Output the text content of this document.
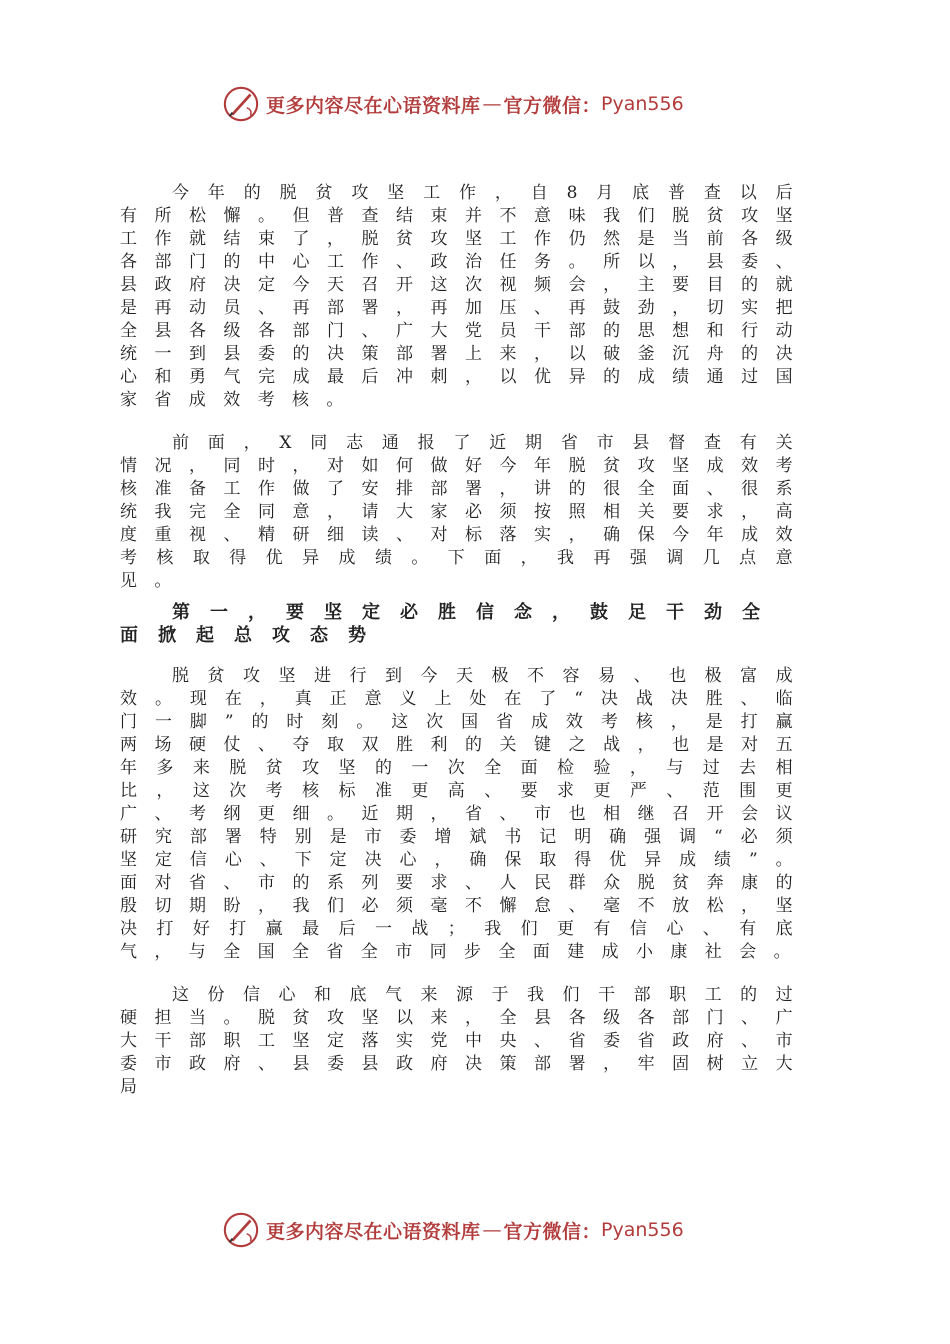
更多内容尽在心语资料库 — 官方微信： Pyan556

今年的脱贫攻坚工作，自8月底普查以后有所松懈。但普查结束并不意味我们脱贫攻坚工作就结束了，脱贫攻坚工作仍然是当前各级各部门的中心工作、政治任务。所以，县委、县政府决定今天召开这次视频会，主要目的就是再动员、再部署，再加压、再鼓劲，切实把全县各级各部门、广大党员干部的思想和行动统一到县委的决策部署上来，以破釜沉舟的决心和勇气完成最后冲刺，以优异的成绩通过国家省成效考核。

前面，X同志通报了近期省市县督查有关情况，同时，对如何做好今年脱贫攻坚成效考核准备工作做了安排部署，讲的很全面、很系统我完全同意，请大家必须按照相关要求，高度重视、精研细读、对标落实，确保今年成效考核取得优异成绩。下面，我再强调几点意见。

第一，要坚定必胜信念，鼓足干劲全面掀起总攻态势

脱贫攻坚进行到今天极不容易、也极富成效。现在，真正意义上处在了“决战决胜、临门一脚”的时刻。这次国省成效考核，是打赢两场硬仗、夺取双胜利的关键之战，也是对五年多来脱贫攻坚的一次全面检验，与过去相比，这次考核标准更高、要求更严、范围更广、考纲更细。近期，省、市也相继召开会议研究部署特别是市委增斌书记明确强调“必须坚定信心、下定决心，确保取得优异成绩”。面对省、市的系列要求、人民群众脱贫奔康的殷切期盼，我们必须毫不懈怠、毫不放松，坚决打好打赢最后一战；我们更有信心、有底气，与全国全省全市同步全面建成小康社会。

这份信心和底气来源于我们干部职工的过硬担当。脱贫攻坚以来，全县各级各部门、广大干部职工坚定落实党中央、省委省政府、市委市政府、县委县政府决策部署，牢固树立大局

更多内容尽在心语资料库 — 官方微信： Pyan556
